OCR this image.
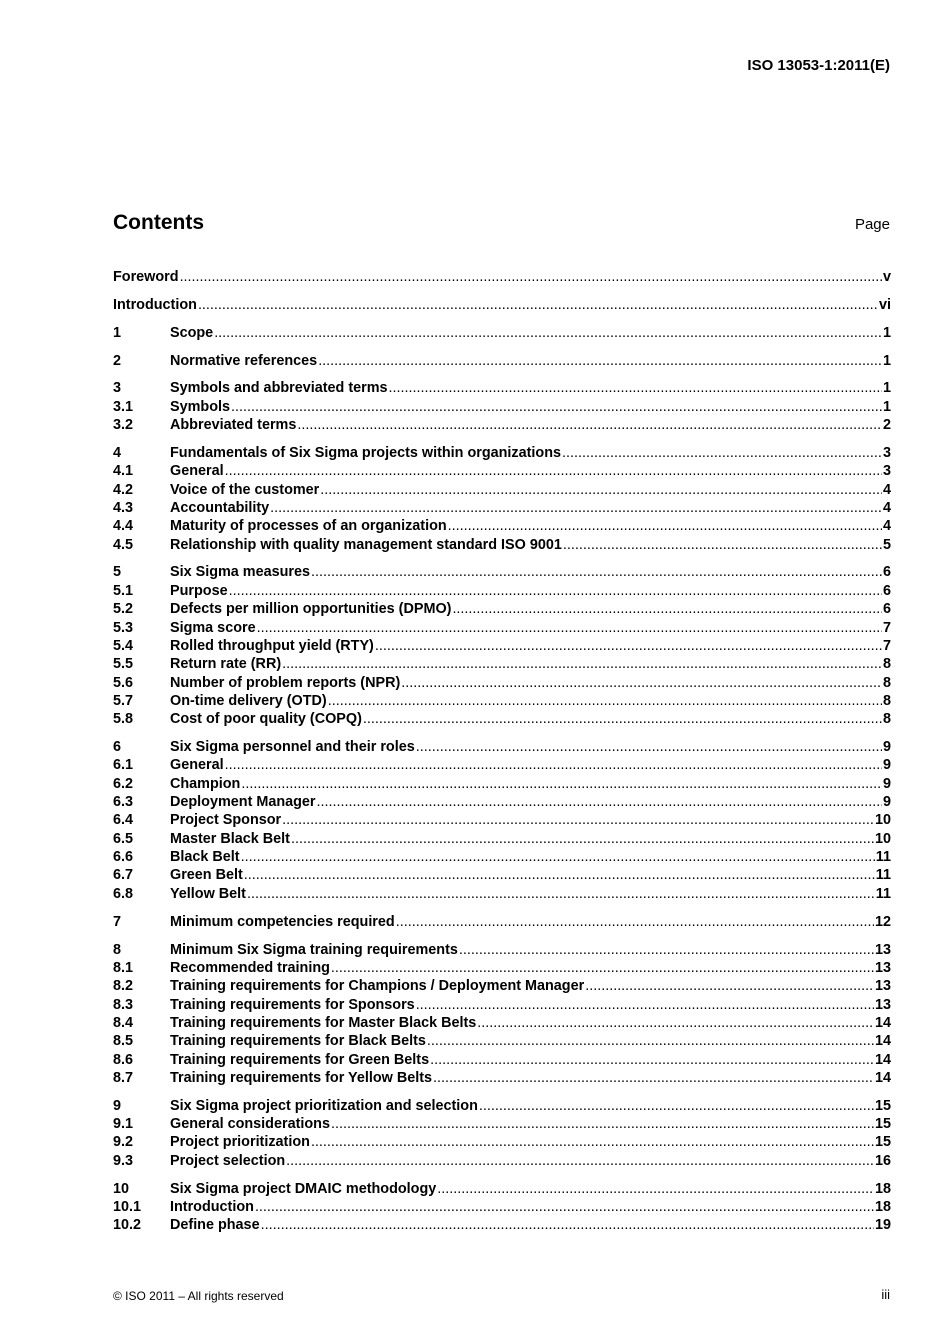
ISO 13053-1:2011(E)
Contents	Page
Foreword .....	v
Introduction .....	vi
1	Scope .....	1
2	Normative references .....	1
3	Symbols and abbreviated terms .....	1
3.1	Symbols .....	1
3.2	Abbreviated terms .....	2
4	Fundamentals of Six Sigma projects within organizations .....	3
4.1	General .....	3
4.2	Voice of the customer .....	4
4.3	Accountability .....	4
4.4	Maturity of processes of an organization .....	4
4.5	Relationship with quality management standard ISO 9001 .....	5
5	Six Sigma measures .....	6
5.1	Purpose .....	6
5.2	Defects per million opportunities (DPMO) .....	6
5.3	Sigma score .....	7
5.4	Rolled throughput yield (RTY) .....	7
5.5	Return rate (RR) .....	8
5.6	Number of problem reports (NPR) .....	8
5.7	On-time delivery (OTD) .....	8
5.8	Cost of poor quality (COPQ) .....	8
6	Six Sigma personnel and their roles .....	9
6.1	General .....	9
6.2	Champion .....	9
6.3	Deployment Manager .....	9
6.4	Project Sponsor .....	10
6.5	Master Black Belt .....	10
6.6	Black Belt .....	11
6.7	Green Belt .....	11
6.8	Yellow Belt .....	11
7	Minimum competencies required .....	12
8	Minimum Six Sigma training requirements .....	13
8.1	Recommended training .....	13
8.2	Training requirements for Champions / Deployment Manager .....	13
8.3	Training requirements for Sponsors .....	13
8.4	Training requirements for Master Black Belts .....	14
8.5	Training requirements for Black Belts .....	14
8.6	Training requirements for Green Belts .....	14
8.7	Training requirements for Yellow Belts .....	14
9	Six Sigma project prioritization and selection .....	15
9.1	General considerations .....	15
9.2	Project prioritization .....	15
9.3	Project selection .....	16
10	Six Sigma project DMAIC methodology .....	18
10.1	Introduction .....	18
10.2	Define phase .....	19
© ISO 2011 – All rights reserved	iii
